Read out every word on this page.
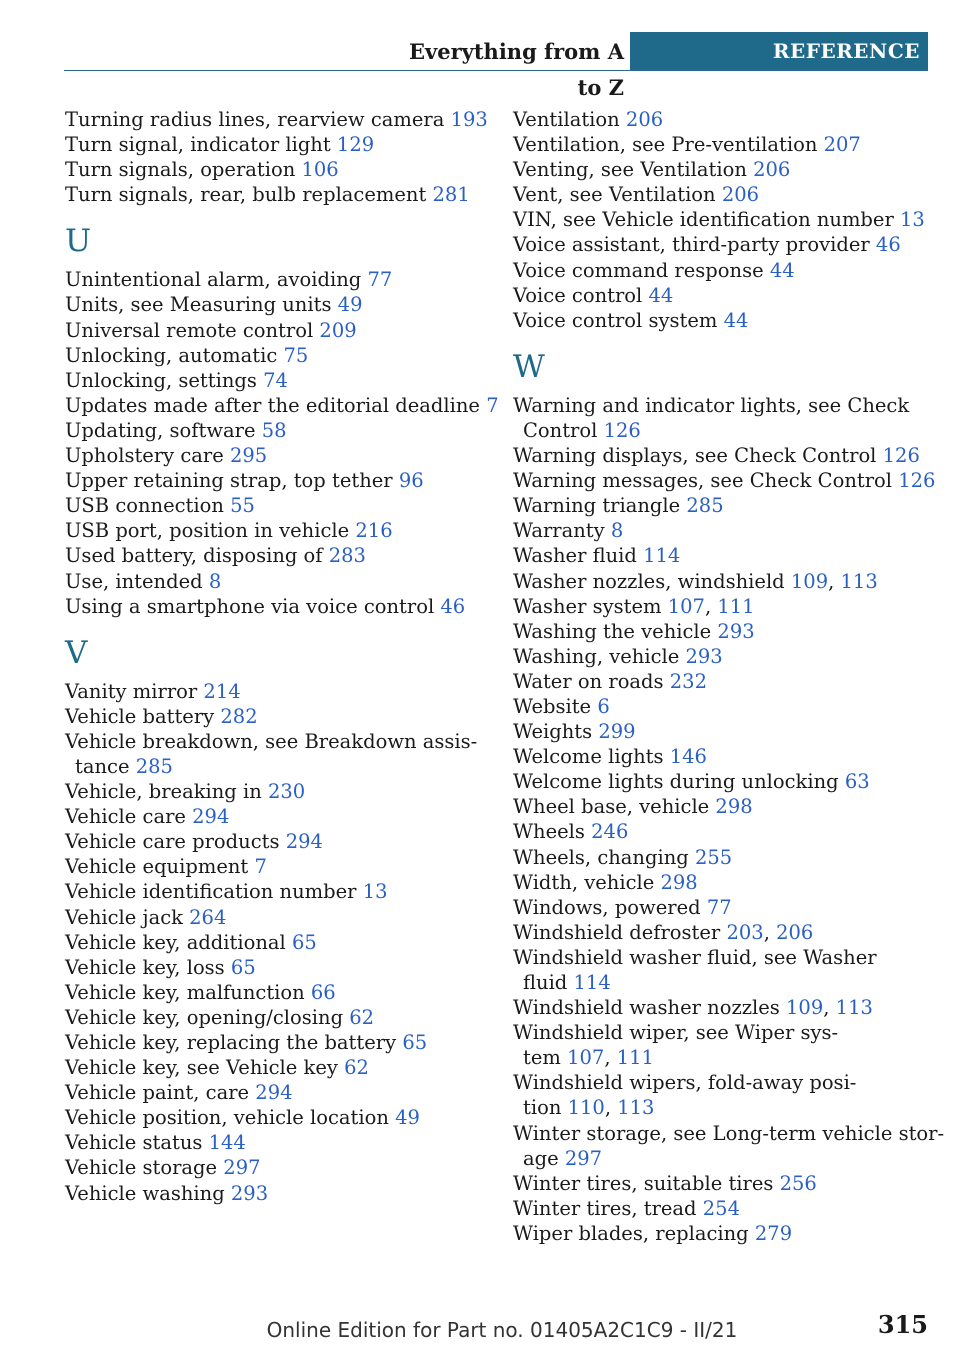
Everything from A to Z
REFERENCE
Turning radius lines, rearview camera 193
Turn signal, indicator light 129
Turn signals, operation 106
Turn signals, rear, bulb replacement 281
U
Unintentional alarm, avoiding 77
Units, see Measuring units 49
Universal remote control 209
Unlocking, automatic 75
Unlocking, settings 74
Updates made after the editorial deadline 7
Updating, software 58
Upholstery care 295
Upper retaining strap, top tether 96
USB connection 55
USB port, position in vehicle 216
Used battery, disposing of 283
Use, intended 8
Using a smartphone via voice control 46
V
Vanity mirror 214
Vehicle battery 282
Vehicle breakdown, see Breakdown assis-
tance 285
Vehicle, breaking in 230
Vehicle care 294
Vehicle care products 294
Vehicle equipment 7
Vehicle identification number 13
Vehicle jack 264
Vehicle key, additional 65
Vehicle key, loss 65
Vehicle key, malfunction 66
Vehicle key, opening/closing 62
Vehicle key, replacing the battery 65
Vehicle key, see Vehicle key 62
Vehicle paint, care 294
Vehicle position, vehicle location 49
Vehicle status 144
Vehicle storage 297
Vehicle washing 293
Ventilation 206
Ventilation, see Pre-ventilation 207
Venting, see Ventilation 206
Vent, see Ventilation 206
VIN, see Vehicle identification number 13
Voice assistant, third-party provider 46
Voice command response 44
Voice control 44
Voice control system 44
W
Warning and indicator lights, see Check
Control 126
Warning displays, see Check Control 126
Warning messages, see Check Control 126
Warning triangle 285
Warranty 8
Washer fluid 114
Washer nozzles, windshield 109, 113
Washer system 107, 111
Washing the vehicle 293
Washing, vehicle 293
Water on roads 232
Website 6
Weights 299
Welcome lights 146
Welcome lights during unlocking 63
Wheel base, vehicle 298
Wheels 246
Wheels, changing 255
Width, vehicle 298
Windows, powered 77
Windshield defroster 203, 206
Windshield washer fluid, see Washer
fluid 114
Windshield washer nozzles 109, 113
Windshield wiper, see Wiper sys-
tem 107, 111
Windshield wipers, fold-away posi-
tion 110, 113
Winter storage, see Long-term vehicle stor-
age 297
Winter tires, suitable tires 256
Winter tires, tread 254
Wiper blades, replacing 279
Online Edition for Part no. 01405A2C1C9 - II/21	315
